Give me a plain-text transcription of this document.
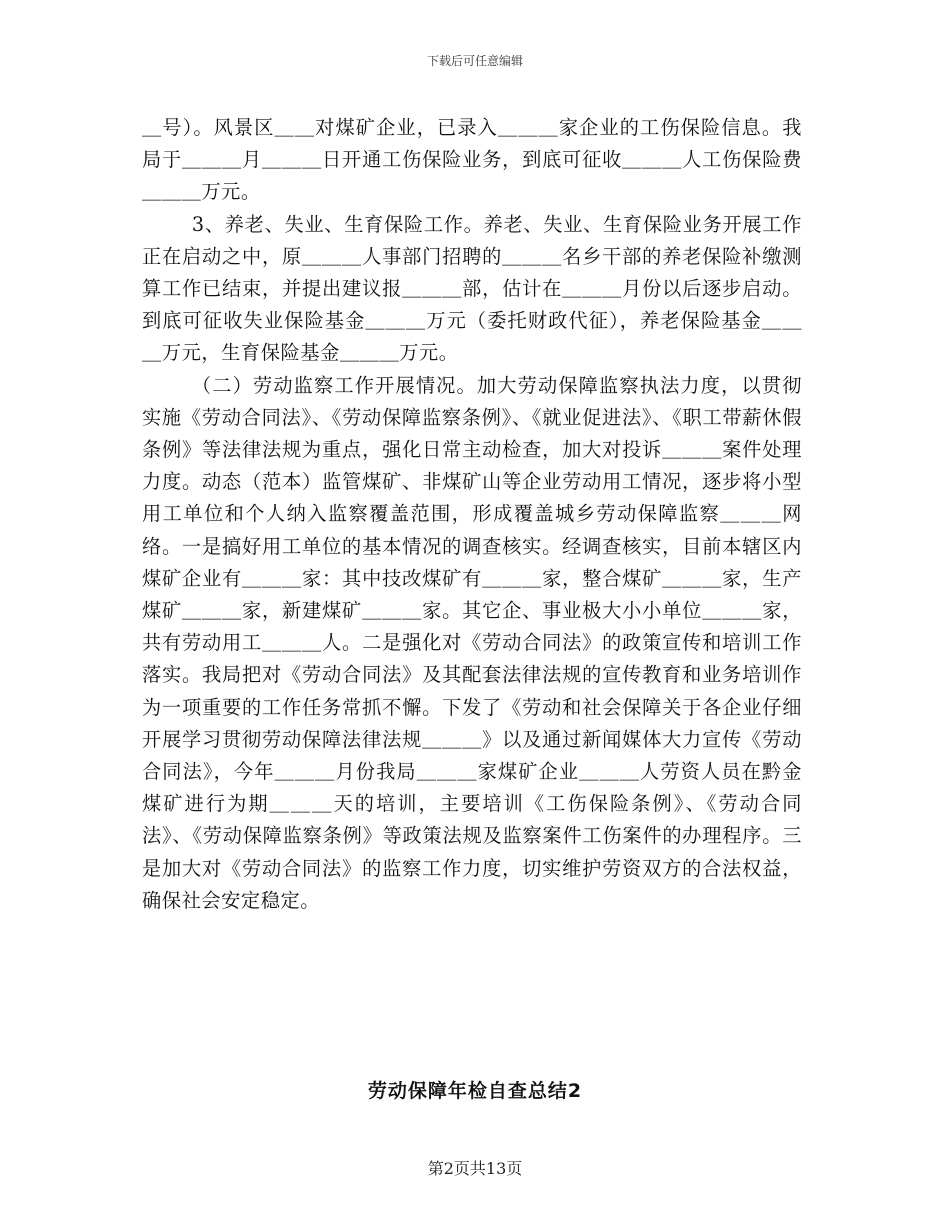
下载后可任意编辑

＿号）。风景区＿＿对煤矿企业，已录入＿＿＿家企业的工伤保险信息。我局于＿＿＿月＿＿＿日开通工伤保险业务，到底可征收＿＿＿人工伤保险费＿＿＿万元。

3、养老、失业、生育保险工作。养老、失业、生育保险业务开展工作正在启动之中，原＿＿＿人事部门招聘的＿＿＿名乡干部的养老保险补缴测算工作已结束，并提出建议报＿＿＿部，估计在＿＿＿月份以后逐步启动。到底可征收失业保险基金＿＿＿万元（委托财政代征），养老保险基金＿＿＿万元，生育保险基金＿＿＿万元。

（二）劳动监察工作开展情况。加大劳动保障监察执法力度，以贯彻实施《劳动合同法》、《劳动保障监察条例》、《就业促进法》、《职工带薪休假条例》等法律法规为重点，强化日常主动检查，加大对投诉＿＿＿案件处理力度。动态（范本）监管煤矿、非煤矿山等企业劳动用工情况，逐步将小型用工单位和个人纳入监察覆盖范围，形成覆盖城乡劳动保障监察＿＿＿网络。一是搞好用工单位的基本情况的调查核实。经调查核实，目前本辖区内煤矿企业有＿＿＿家：其中技改煤矿有＿＿＿家，整合煤矿＿＿＿家，生产煤矿＿＿＿家，新建煤矿＿＿＿家。其它企、事业极大小小单位＿＿＿家，共有劳动用工＿＿＿人。二是强化对《劳动合同法》的政策宣传和培训工作落实。我局把对《劳动合同法》及其配套法律法规的宣传教育和业务培训作为一项重要的工作任务常抓不懈。下发了《劳动和社会保障关于各企业仔细开展学习贯彻劳动保障法律法规＿＿＿》以及通过新闻媒体大力宣传《劳动合同法》，今年＿＿＿月份我局＿＿＿家煤矿企业＿＿＿人劳资人员在黔金煤矿进行为期＿＿＿天的培训，主要培训《工伤保险条例》、《劳动合同法》、《劳动保障监察条例》等政策法规及监察案件工伤案件的办理程序。三是加大对《劳动合同法》的监察工作力度，切实维护劳资双方的合法权益，确保社会安定稳定。

劳动保障年检自查总结2
第2页共13页
